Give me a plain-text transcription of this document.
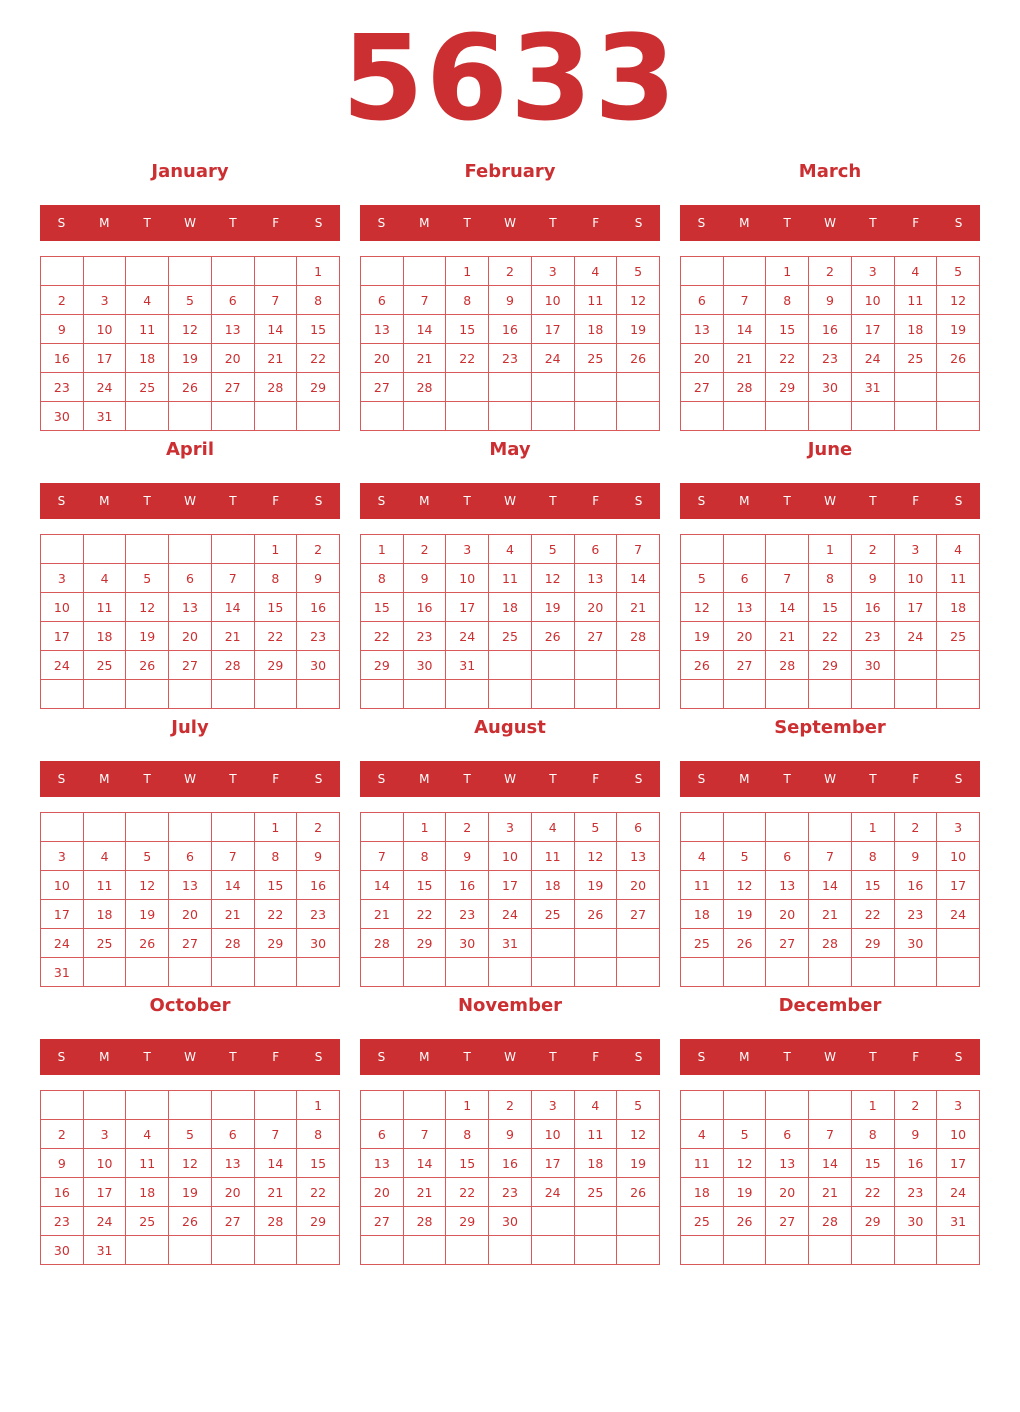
5633
January
S	M	T	W	T	F	S
						1
2	3	4	5	6	7	8
9	10	11	12	13	14	15
16	17	18	19	20	21	22
23	24	25	26	27	28	29
30	31					
February
S	M	T	W	T	F	S
		1	2	3	4	5
6	7	8	9	10	11	12
13	14	15	16	17	18	19
20	21	22	23	24	25	26
27	28					

March
S	M	T	W	T	F	S
		1	2	3	4	5
6	7	8	9	10	11	12
13	14	15	16	17	18	19
20	21	22	23	24	25	26
27	28	29	30	31		

April
S	M	T	W	T	F	S
					1	2
3	4	5	6	7	8	9
10	11	12	13	14	15	16
17	18	19	20	21	22	23
24	25	26	27	28	29	30

May
S	M	T	W	T	F	S
1	2	3	4	5	6	7
8	9	10	11	12	13	14
15	16	17	18	19	20	21
22	23	24	25	26	27	28
29	30	31				

June
S	M	T	W	T	F	S
			1	2	3	4
5	6	7	8	9	10	11
12	13	14	15	16	17	18
19	20	21	22	23	24	25
26	27	28	29	30		

July
S	M	T	W	T	F	S
					1	2
3	4	5	6	7	8	9
10	11	12	13	14	15	16
17	18	19	20	21	22	23
24	25	26	27	28	29	30
31						
August
S	M	T	W	T	F	S
	1	2	3	4	5	6
7	8	9	10	11	12	13
14	15	16	17	18	19	20
21	22	23	24	25	26	27
28	29	30	31			

September
S	M	T	W	T	F	S
				1	2	3
4	5	6	7	8	9	10
11	12	13	14	15	16	17
18	19	20	21	22	23	24
25	26	27	28	29	30	

October
S	M	T	W	T	F	S
						1
2	3	4	5	6	7	8
9	10	11	12	13	14	15
16	17	18	19	20	21	22
23	24	25	26	27	28	29
30	31					
November
S	M	T	W	T	F	S
		1	2	3	4	5
6	7	8	9	10	11	12
13	14	15	16	17	18	19
20	21	22	23	24	25	26
27	28	29	30			

December
S	M	T	W	T	F	S
				1	2	3
4	5	6	7	8	9	10
11	12	13	14	15	16	17
18	19	20	21	22	23	24
25	26	27	28	29	30	31
